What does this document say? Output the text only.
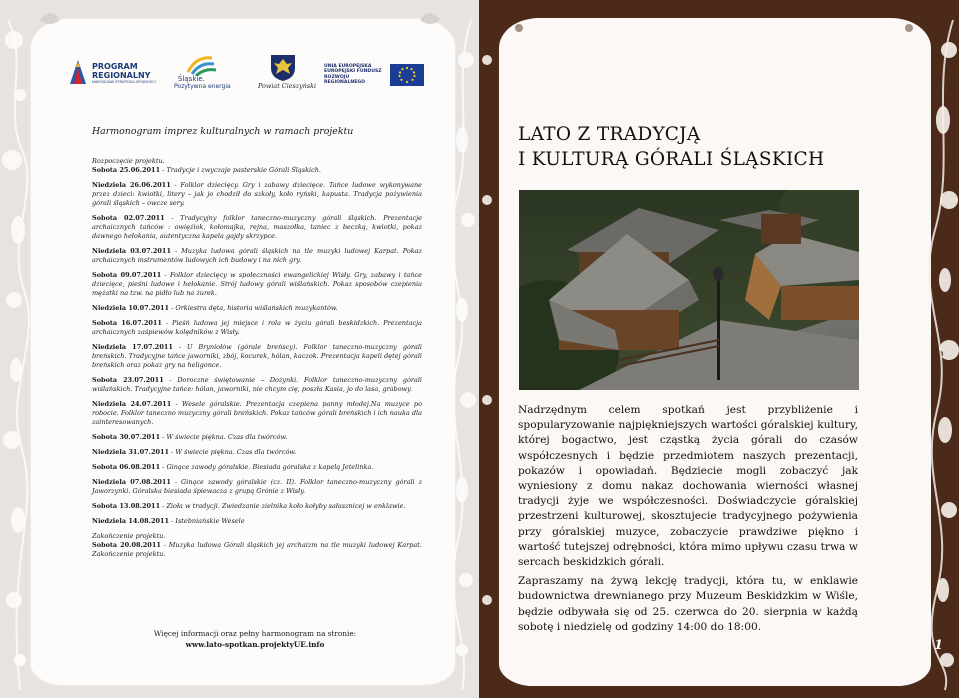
PROGRAM
REGIONALNY
NARODOWA STRATEGIA SPÓJNOŚCI	Śląskie.
Pozytywna energia	Powiat Cieszyński
UNIA EUROPEJSKA
EUROPEJSKI FUNDUSZ
ROZWOJU REGIONALNEGO
Harmonogram imprez kulturalnych w ramach projektu
Rozpoczęcie projektu.
Sobota 25.06.2011 - Tradycje i zwyczaje pasterskie Górali Śląskich.
Niedziela 26.06.2011 - Folklor dziecięcy. Gry i zabawy dziecięce. Tańce ludowe wykonywane przez dzieci: kwiotki, litery – jak jo chodził do szkoły, koło ryński, kapusta. Tradycja pożywienia górali śląskich – owcze sery.
Sobota 02.07.2011 - Tradycyjny folklor taneczno-muzyczny górali śląskich. Prezentacje archaicznych tańców : owiężiok, kołomajka, rejna, maszołka, taniec z beczką, kwiotki, pokaz dawnego hełokania, autentyczna kapela gajdy skrzypce.
Niedziela 03.07.2011 - Muzyka ludowa górali śląskich na tle muzyki ludowej Karpat. Pokaz archaicznych instrumentów ludowych ich budowy i na nich gry.
Sobota 09.07.2011 - Folklor dziecięcy w społeczności ewangelickiej Wisły. Gry, zabawy i tańce dziecięce, pieśni ludowe i hełokanie. Strój ludowy górali wiślańskich. Pokaz sposobów czepienia mężatki na tzw. na pidło lub na żurek.
Niedziela 10.07.2011 - Orkiestra dęta, historia wiślańskich muzykantów.
Sobota 16.07.2011 - Pieśń ludowa jej miejsce i rola w życiu górali beskidzkich. Prezentacja archaicznych zaśpiewów kolędników z Wisły.
Niedziela 17.07.2011 - U Bryniołów (górale breńscy). Folklor taneczno-muzyczny górali breńskich. Tradycyjne tańce jaworniki, zbój, kocurek, hólan, kaczok. Prezentacja kapeli dętej górali breńskich oraz pokaz gry na heligonce.
Sobota 23.07.2011 - Doroczne świętowanie – Dożynki. Folklor taneczno-muzyczny górali wiślańskich. Tradycyjne tańce: hólan, jaworniki, nie chcym cię, poszła Kasia, jo do lasa, grabowy.
Niedziela 24.07.2011 - Wesele góralskie. Prezentacja czepiena panny młodej.Na muzyce po robocie. Folklor taneczno muzyczny górali breńskich. Pokaz tańców górali breńskich i ich nauka dla zainteresowanych.
Sobota 30.07.2011 - W świecie piękna. Czas dla twórców.
Niedziela 31.07.2011 - W świecie piękna. Czas dla twórców.
Sobota 06.08.2011 - Ginące zawody góralskie. Biesiada góralska z kapelą Jetelinka.
Niedziela 07.08.2011 - Ginące zawody góralskie (cz. II). Folklor taneczno-muzyczny górali z Jaworzynki. Góralska biesiada śpiewacza z grupą Grónie z Wisły.
Sobota 13.08.2011 - Zioła w tradycji. Zwiedzanie zielnika koło kołyby sałasznicej w enklawie.
Niedziela 14.08.2011 - Istebniańskie Wesele
Zakończenie projektu.
Sobota 20.08.2011 - Muzyka ludowa Górali śląskich jej archaizm na tle muzyki ludowej Karpat. Zakończenie projektu.
Więcej informacji oraz pełny harmonogram na stronie:
www.lato-spotkan.projektyUE.info
LATO Z TRADYCJĄ
I KULTURĄ GÓRALI ŚLĄSKICH

Nadrzędnym celem spotkań jest przybliżenie i spopularyzowanie najpiękniejszych wartości góralskiej kultury, której bogactwo, jest cząstką życia górali do czasów współczesnych i będzie przedmiotem naszych prezentacji, pokazów i opowiadań. Będziecie mogli zobaczyć jak wyniesiony z domu nakaz dochowania wierności własnej tradycji żyje we współczesności. Doświadczycie góralskiej przestrzeni kulturowej, skosztujecie tradycyjnego pożywienia przy góralskiej muzyce, zobaczycie prawdziwe piękno i wartość tutejszej odrębności, która mimo upływu czasu trwa w sercach beskidzkich górali.

Zapraszamy na żywą lekcję tradycji, która tu, w enklawie budownictwa drewnianego przy Muzeum Beskidzkim w Wiśle, będzie odbywała się od 25. czerwca do 20. sierpnia w każdą sobotę i niedzielę od godziny 14:00 do 18:00.

1
